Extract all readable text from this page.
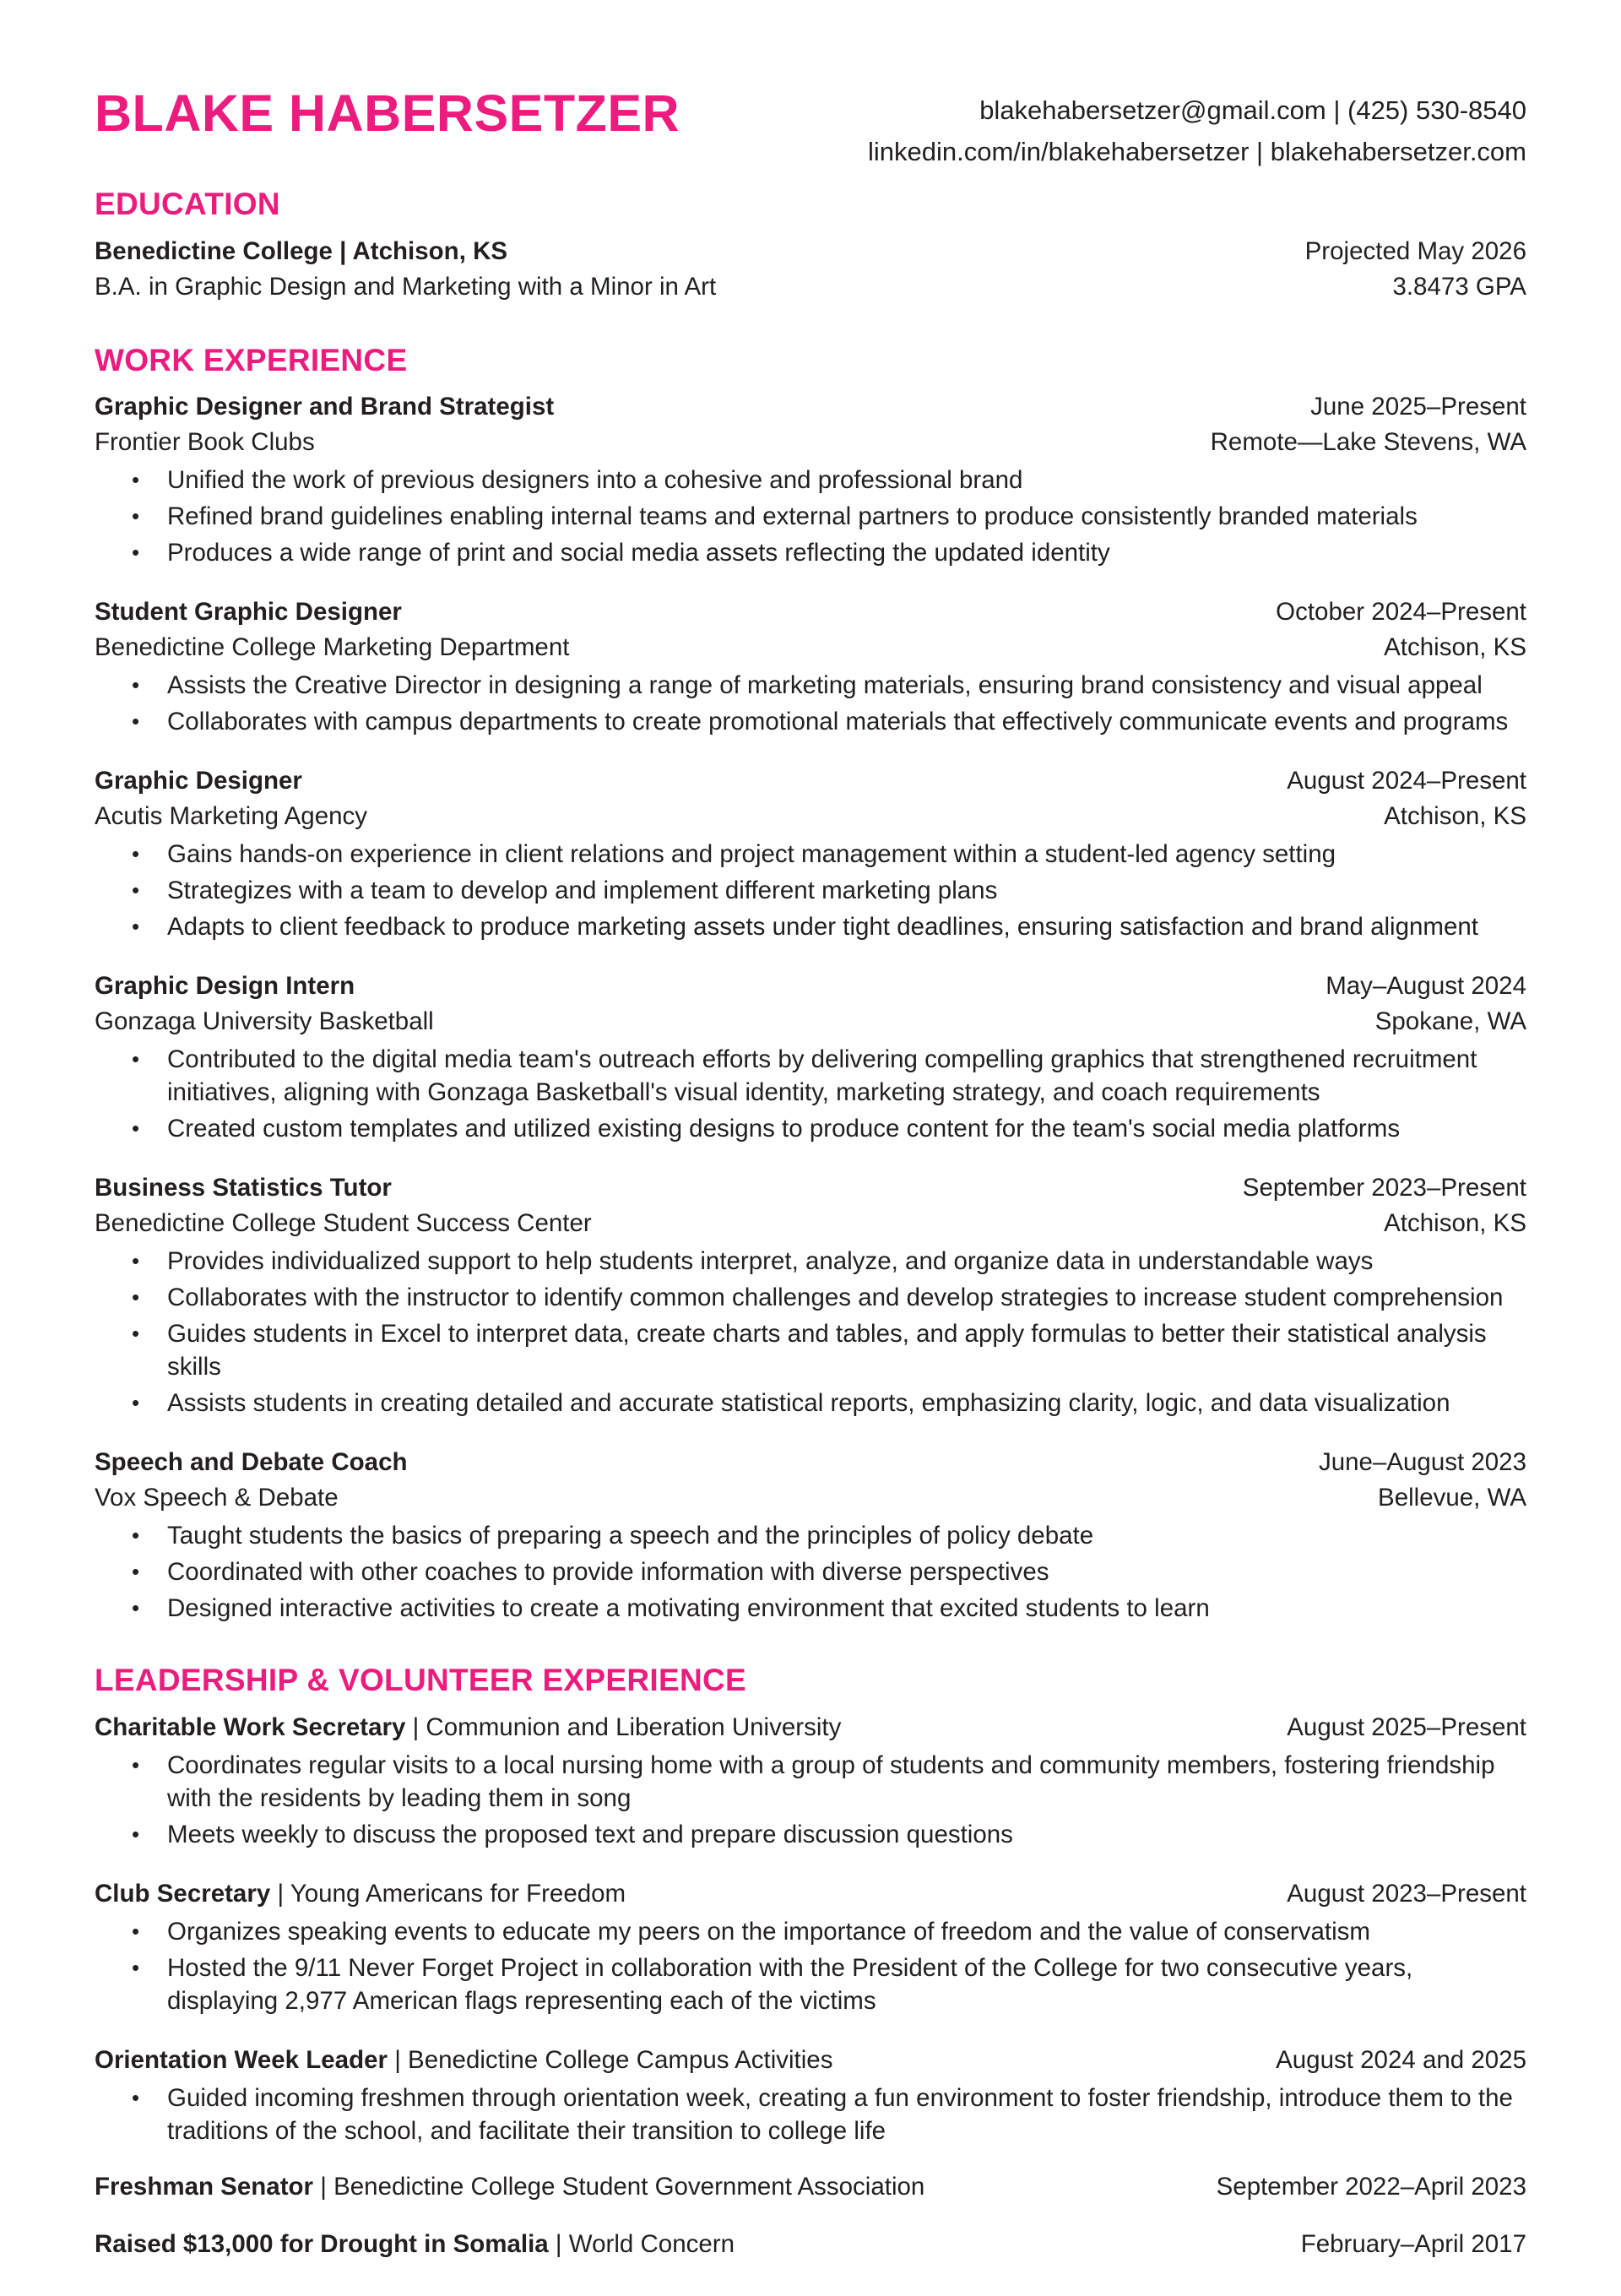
BLAKE HABERSETZER	blakehabersetzer@gmail.com | (425) 530-8540
linkedin.com/in/blakehabersetzer | blakehabersetzer.com
EDUCATION
Benedictine College | Atchison, KS	Projected May 2026
B.A. in Graphic Design and Marketing with a Minor in Art	3.8473 GPA
WORK EXPERIENCE
Graphic Designer and Brand Strategist	June 2025–Present
Frontier Book Clubs	Remote—Lake Stevens, WA
• Unified the work of previous designers into a cohesive and professional brand
• Refined brand guidelines enabling internal teams and external partners to produce consistently branded materials
• Produces a wide range of print and social media assets reflecting the updated identity
Student Graphic Designer	October 2024–Present
Benedictine College Marketing Department	Atchison, KS
• Assists the Creative Director in designing a range of marketing materials, ensuring brand consistency and visual appeal
• Collaborates with campus departments to create promotional materials that effectively communicate events and programs
Graphic Designer	August 2024–Present
Acutis Marketing Agency	Atchison, KS
• Gains hands-on experience in client relations and project management within a student-led agency setting
• Strategizes with a team to develop and implement different marketing plans
• Adapts to client feedback to produce marketing assets under tight deadlines, ensuring satisfaction and brand alignment
Graphic Design Intern	May–August 2024
Gonzaga University Basketball	Spokane, WA
• Contributed to the digital media team's outreach efforts by delivering compelling graphics that strengthened recruitment initiatives, aligning with Gonzaga Basketball's visual identity, marketing strategy, and coach requirements
• Created custom templates and utilized existing designs to produce content for the team's social media platforms
Business Statistics Tutor	September 2023–Present
Benedictine College Student Success Center	Atchison, KS
• Provides individualized support to help students interpret, analyze, and organize data in understandable ways
• Collaborates with the instructor to identify common challenges and develop strategies to increase student comprehension
• Guides students in Excel to interpret data, create charts and tables, and apply formulas to better their statistical analysis skills
• Assists students in creating detailed and accurate statistical reports, emphasizing clarity, logic, and data visualization
Speech and Debate Coach	June–August 2023
Vox Speech & Debate	Bellevue, WA
• Taught students the basics of preparing a speech and the principles of policy debate
• Coordinated with other coaches to provide information with diverse perspectives
• Designed interactive activities to create a motivating environment that excited students to learn
LEADERSHIP & VOLUNTEER EXPERIENCE
Charitable Work Secretary | Communion and Liberation University	August 2025–Present
• Coordinates regular visits to a local nursing home with a group of students and community members, fostering friendship with the residents by leading them in song
• Meets weekly to discuss the proposed text and prepare discussion questions
Club Secretary | Young Americans for Freedom	August 2023–Present
• Organizes speaking events to educate my peers on the importance of freedom and the value of conservatism
• Hosted the 9/11 Never Forget Project in collaboration with the President of the College for two consecutive years, displaying 2,977 American flags representing each of the victims
Orientation Week Leader | Benedictine College Campus Activities	August 2024 and 2025
• Guided incoming freshmen through orientation week, creating a fun environment to foster friendship, introduce them to the traditions of the school, and facilitate their transition to college life
Freshman Senator | Benedictine College Student Government Association	September 2022–April 2023
Raised $13,000 for Drought in Somalia | World Concern	February–April 2017
